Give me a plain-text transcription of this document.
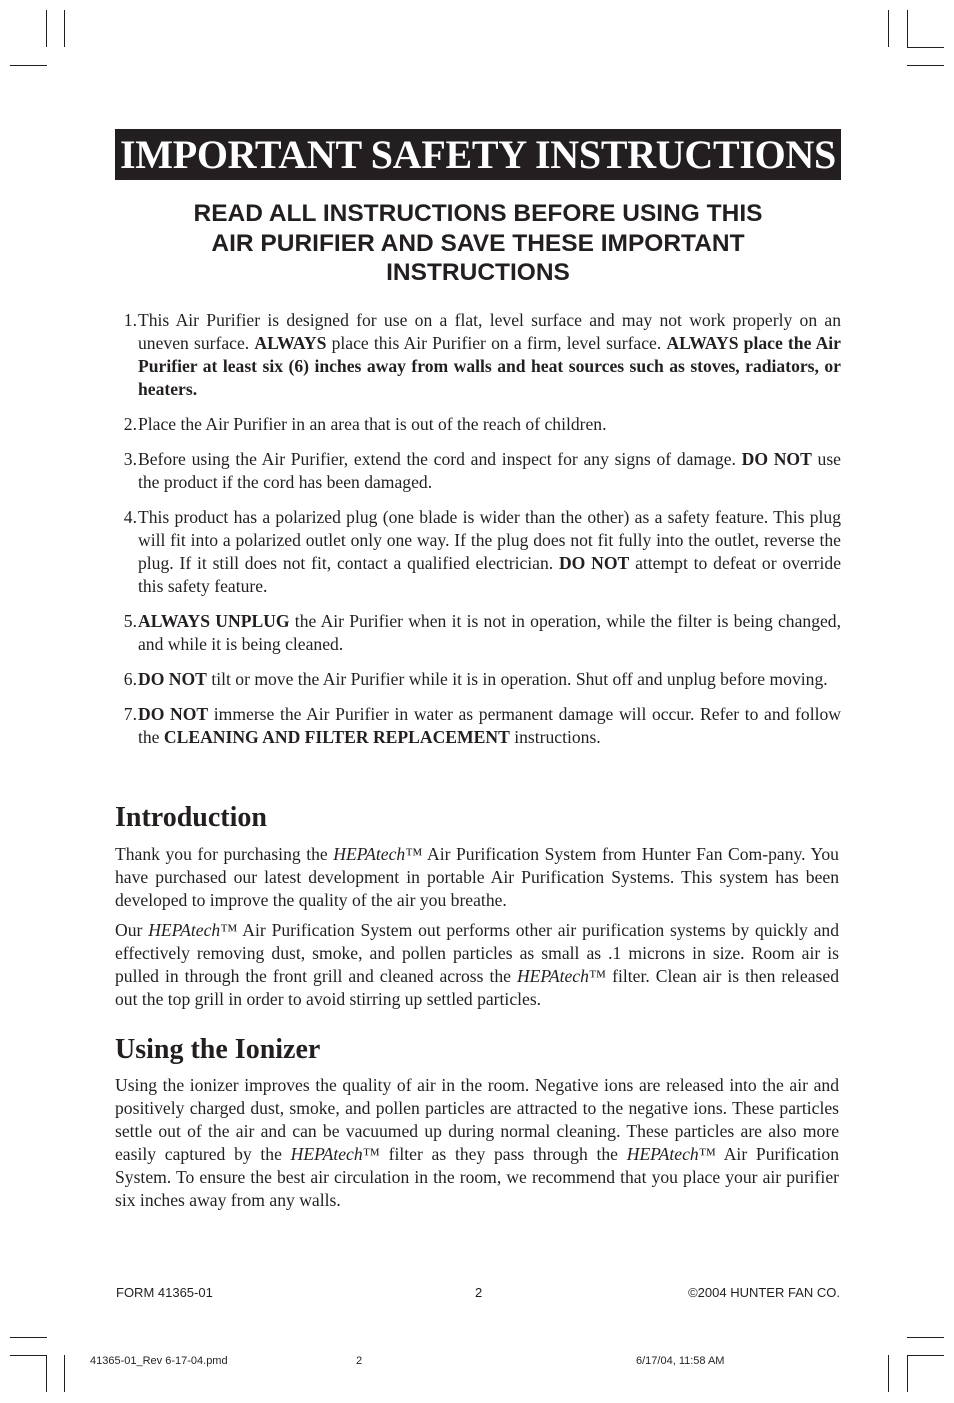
IMPORTANT SAFETY INSTRUCTIONS
READ ALL INSTRUCTIONS BEFORE USING THIS
AIR PURIFIER AND SAVE THESE IMPORTANT
INSTRUCTIONS
1. This Air Purifier is designed for use on a flat, level surface and may not work properly on an uneven surface. ALWAYS place this Air Purifier on a firm, level surface. ALWAYS place the Air Purifier at least six (6) inches away from walls and heat sources such as stoves, radiators, or heaters.
2. Place the Air Purifier in an area that is out of the reach of children.
3. Before using the Air Purifier, extend the cord and inspect for any signs of damage. DO NOT use the product if the cord has been damaged.
4. This product has a polarized plug (one blade is wider than the other) as a safety feature. This plug will fit into a polarized outlet only one way. If the plug does not fit fully into the outlet, reverse the plug. If it still does not fit, contact a qualified electrician. DO NOT attempt to defeat or override this safety feature.
5. ALWAYS UNPLUG the Air Purifier when it is not in operation, while the filter is being changed, and while it is being cleaned.
6. DO NOT tilt or move the Air Purifier while it is in operation. Shut off and unplug before moving.
7. DO NOT immerse the Air Purifier in water as permanent damage will occur. Refer to and follow the CLEANING AND FILTER REPLACEMENT instructions.
Introduction
Thank you for purchasing the HEPAtech™ Air Purification System from Hunter Fan Com-pany. You have purchased our latest development in portable Air Purification Systems. This system has been developed to improve the quality of the air you breathe.
Our HEPAtech™ Air Purification System out performs other air purification systems by quickly and effectively removing dust, smoke, and pollen particles as small as .1 microns in size. Room air is pulled in through the front grill and cleaned across the HEPAtech™ filter. Clean air is then released out the top grill in order to avoid stirring up settled particles.
Using the Ionizer
Using the ionizer improves the quality of air in the room. Negative ions are released into the air and positively charged dust, smoke, and pollen particles are attracted to the negative ions. These particles settle out of the air and can be vacuumed up during normal cleaning. These particles are also more easily captured by the HEPAtech™ filter as they pass through the HEPAtech™ Air Purification System. To ensure the best air circulation in the room, we recommend that you place your air purifier six inches away from any walls.
FORM 41365-01	2	©2004 HUNTER FAN CO.
41365-01_Rev 6-17-04.pmd	2	6/17/04, 11:58 AM
